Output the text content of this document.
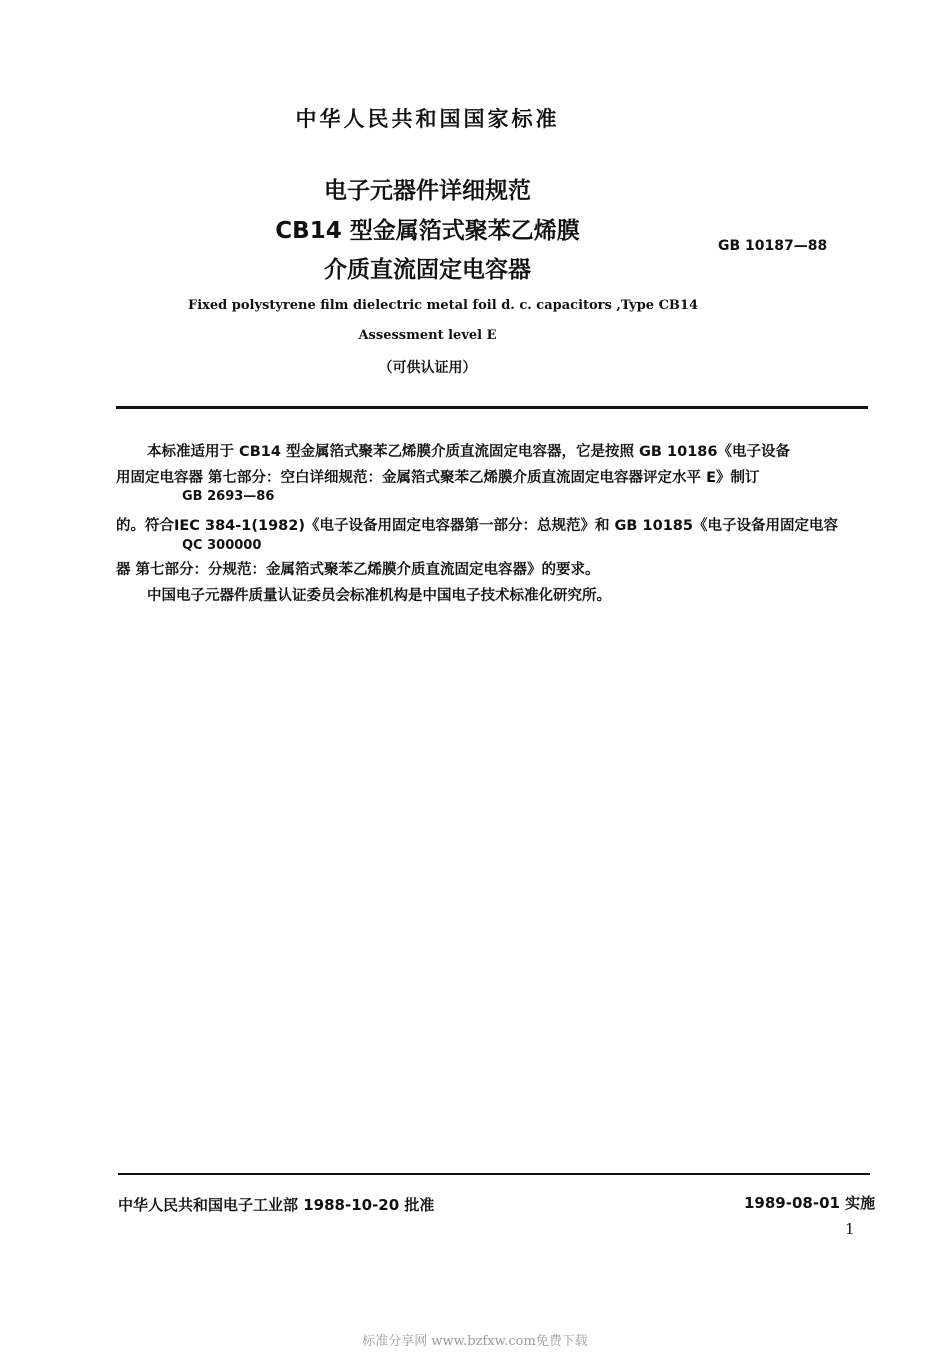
中华人民共和国国家标准
电子元器件详细规范
CB14 型金属箔式聚苯乙烯膜
介质直流固定电容器
GB 10187—88
Fixed polystyrene film dielectric metal foil d. c. capacitors ,Type CB14
Assessment level E
（可供认证用）
本标准适用于 CB14 型金属箔式聚苯乙烯膜介质直流固定电容器，它是按照 GB 10186《电子设备
用固定电容器 第七部分：空白详细规范：金属箔式聚苯乙烯膜介质直流固定电容器评定水平 E》制订
GB 2693—86
的。符合IEC 384-1(1982)《电子设备用固定电容器第一部分：总规范》和 GB 10185《电子设备用固定电容
QC 300000
器 第七部分：分规范：金属箔式聚苯乙烯膜介质直流固定电容器》的要求。
中国电子元器件质量认证委员会标准机构是中国电子技术标准化研究所。
中华人民共和国电子工业部 1988-10-20 批准	1989-08-01 实施
1
标准分享网 www.bzfxw.com免费下载
